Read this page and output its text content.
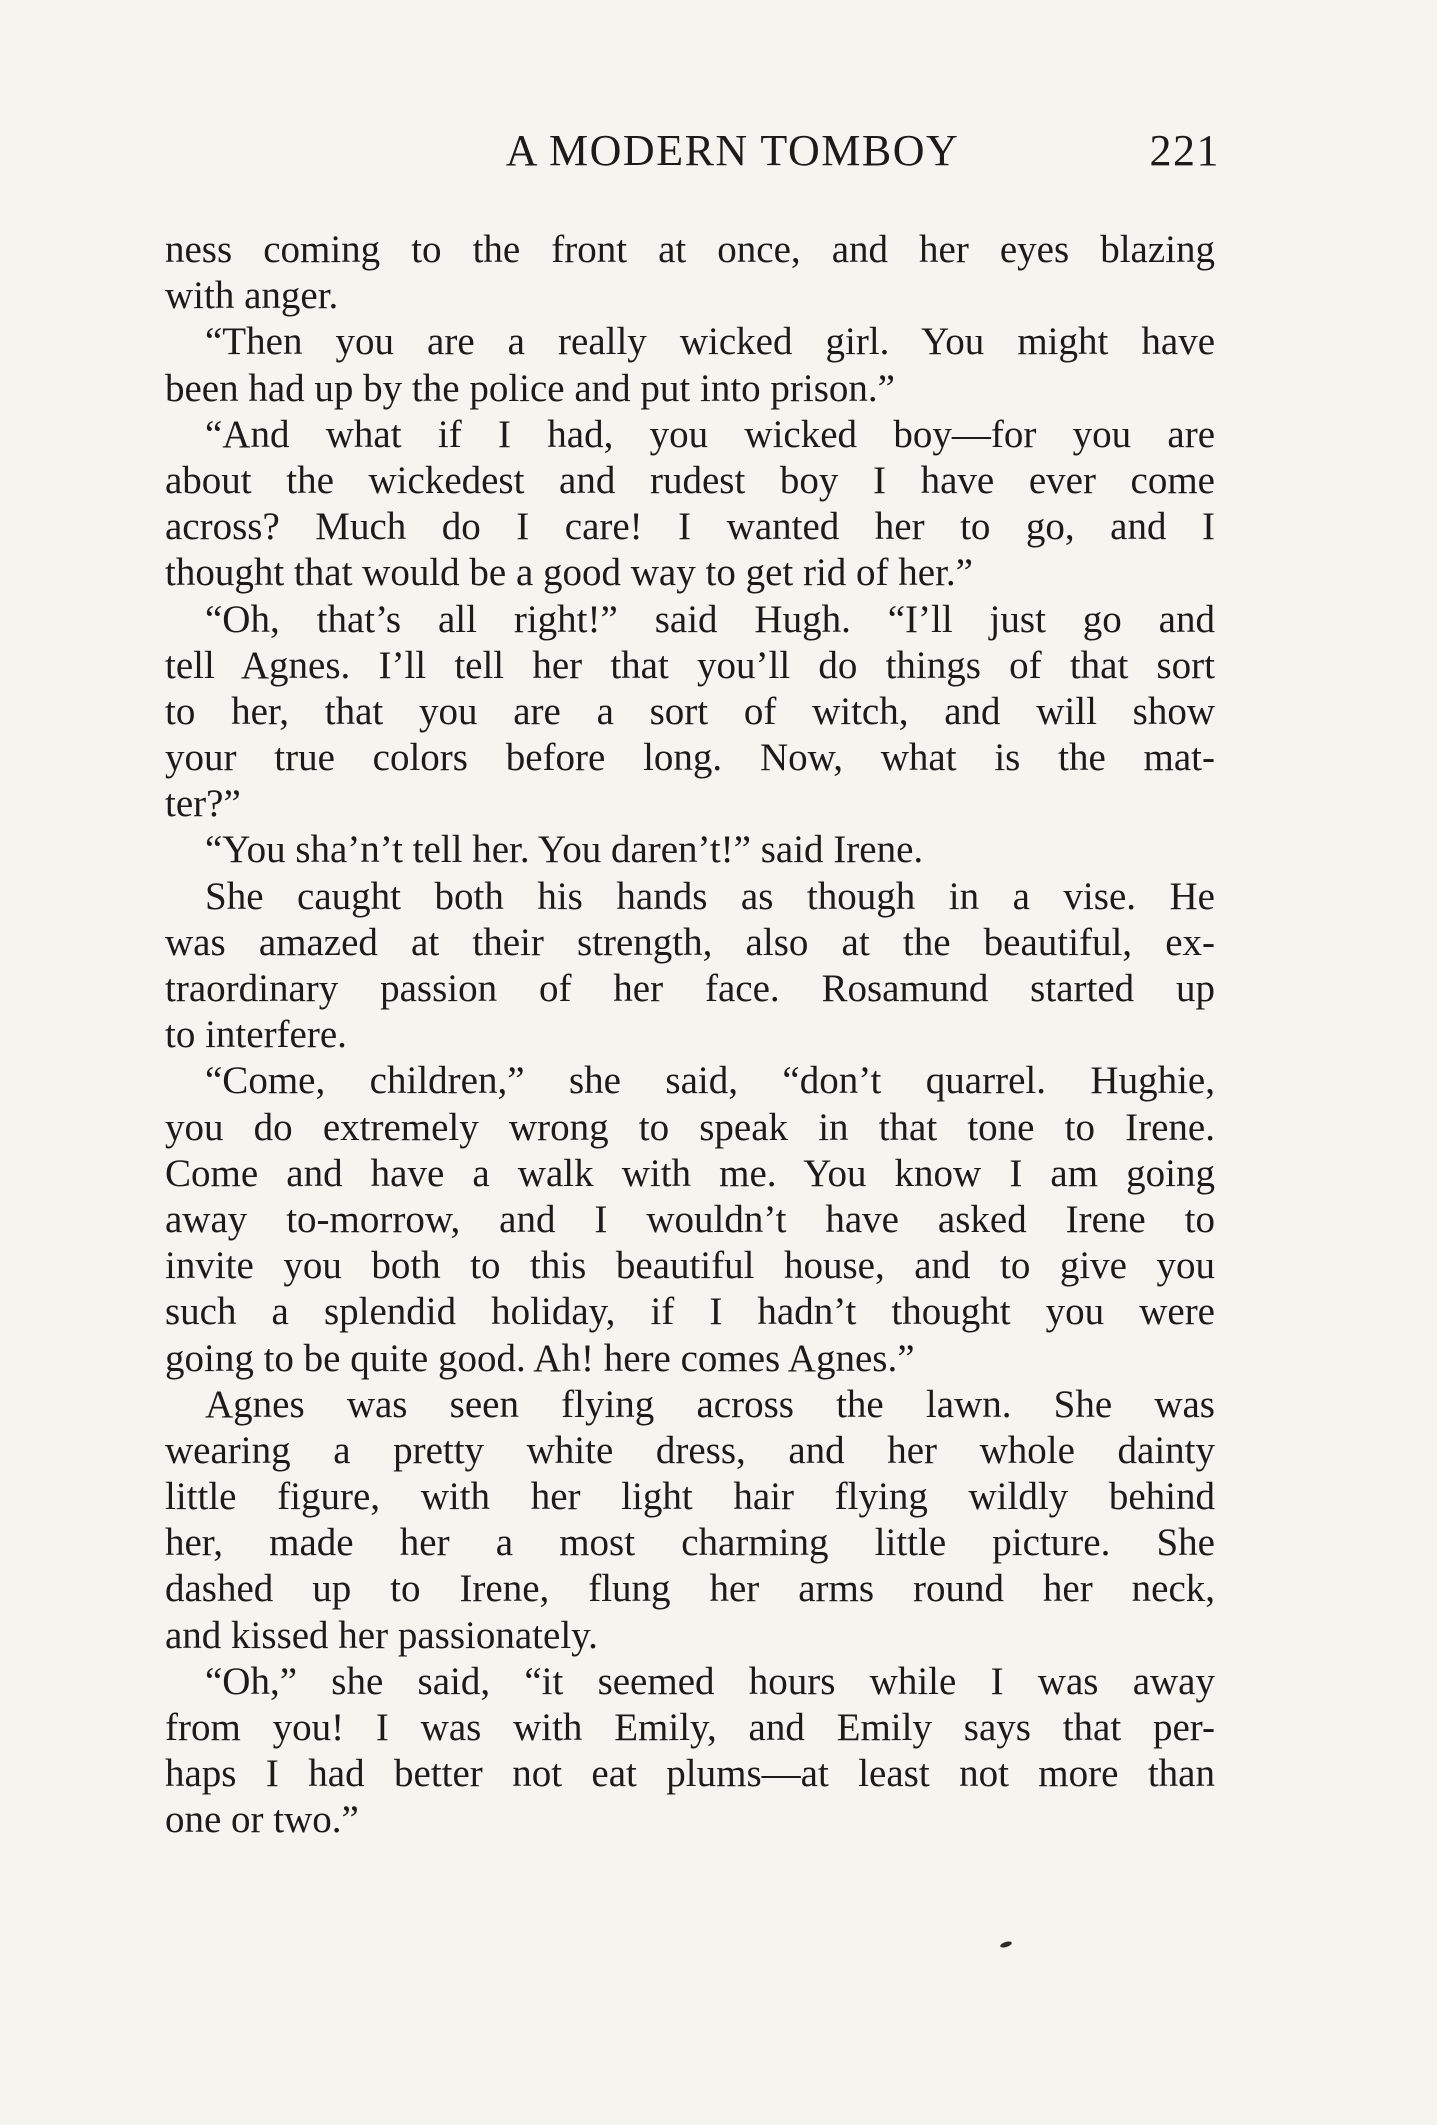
A MODERN TOMBOY	221
ness coming to the front at once, and her eyes blazing
with anger.
“Then you are a really wicked girl. You might have
been had up by the police and put into prison.”
“And what if I had, you wicked boy—for you are
about the wickedest and rudest boy I have ever come
across? Much do I care! I wanted her to go, and I
thought that would be a good way to get rid of her.”
“Oh, that’s all right!” said Hugh. “I’ll just go and
tell Agnes. I’ll tell her that you’ll do things of that sort
to her, that you are a sort of witch, and will show
your true colors before long. Now, what is the mat-
ter?”
“You sha’n’t tell her. You daren’t!” said Irene.
She caught both his hands as though in a vise. He
was amazed at their strength, also at the beautiful, ex-
traordinary passion of her face. Rosamund started up
to interfere.
“Come, children,” she said, “don’t quarrel. Hughie,
you do extremely wrong to speak in that tone to Irene.
Come and have a walk with me. You know I am going
away to-morrow, and I wouldn’t have asked Irene to
invite you both to this beautiful house, and to give you
such a splendid holiday, if I hadn’t thought you were
going to be quite good. Ah! here comes Agnes.”
Agnes was seen flying across the lawn. She was
wearing a pretty white dress, and her whole dainty
little figure, with her light hair flying wildly behind
her, made her a most charming little picture. She
dashed up to Irene, flung her arms round her neck,
and kissed her passionately.
“Oh,” she said, “it seemed hours while I was away
from you! I was with Emily, and Emily says that per-
haps I had better not eat plums—at least not more than
one or two.”
